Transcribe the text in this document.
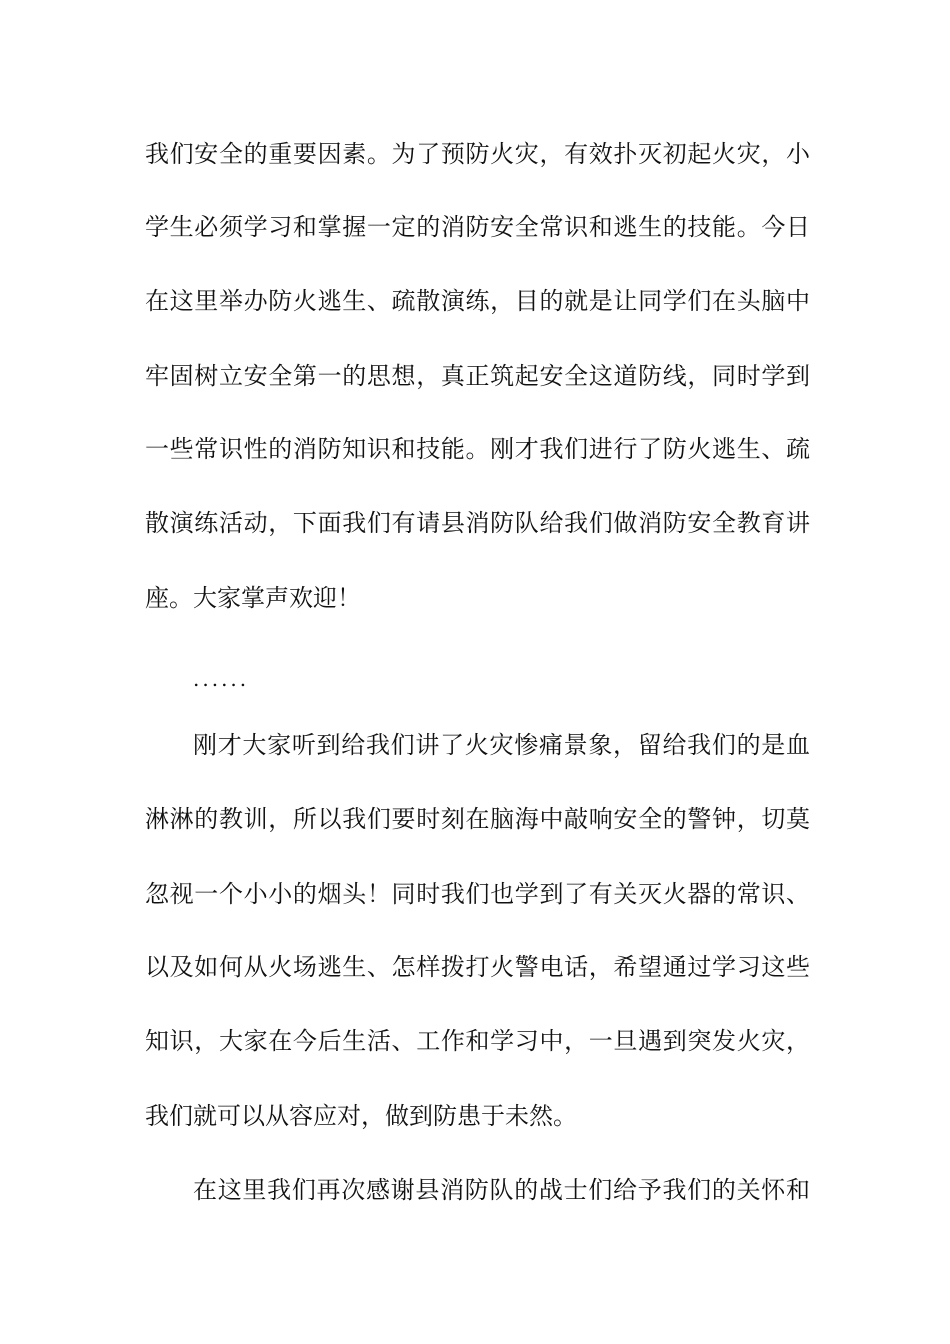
我们安全的重要因素。为了预防火灾，有效扑灭初起火灾，小
学生必须学习和掌握一定的消防安全常识和逃生的技能。今日
在这里举办防火逃生、疏散演练，目的就是让同学们在头脑中
牢固树立安全第一的思想，真正筑起安全这道防线，同时学到
一些常识性的消防知识和技能。刚才我们进行了防火逃生、疏
散演练活动，下面我们有请县消防队给我们做消防安全教育讲
座。大家掌声欢迎！
......
刚才大家听到给我们讲了火灾惨痛景象，留给我们的是血
淋淋的教训，所以我们要时刻在脑海中敲响安全的警钟，切莫
忽视一个小小的烟头！同时我们也学到了有关灭火器的常识、
以及如何从火场逃生、怎样拨打火警电话，希望通过学习这些
知识，大家在今后生活、工作和学习中，一旦遇到突发火灾，
我们就可以从容应对，做到防患于未然。
在这里我们再次感谢县消防队的战士们给予我们的关怀和
